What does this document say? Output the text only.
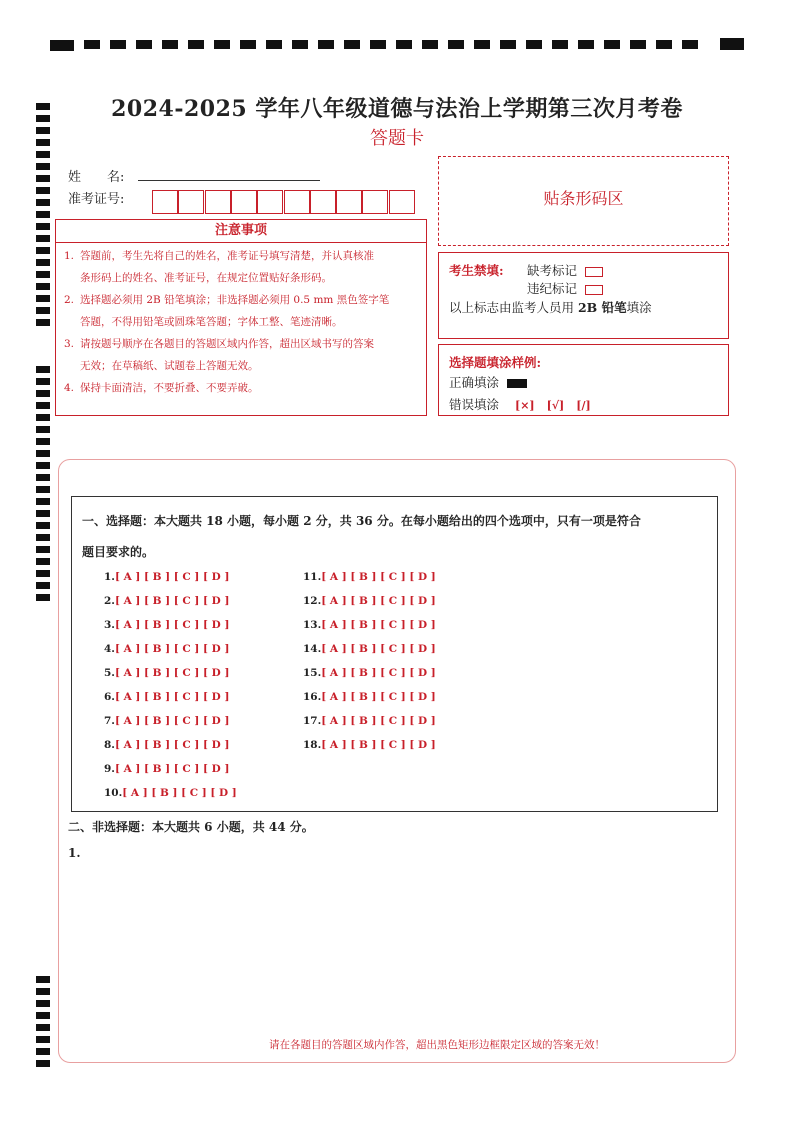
2024-2025 学年八年级道德与法治上学期第三次月考卷
答题卡
姓　　名:
准考证号:	贴条形码区
注意事项
1. 答题前，考生先将自己的姓名，准考证号填写清楚，并认真核准
条形码上的姓名、准考证号，在规定位置贴好条形码。
2. 选择题必须用 2B 铅笔填涂；非选择题必须用 0.5 mm 黑色签字笔
答题，不得用铅笔或圆珠笔答题；字体工整、笔迹清晰。
3. 请按题号顺序在各题目的答题区域内作答，超出区域书写的答案
无效；在草稿纸、试题卷上答题无效。
4. 保持卡面清洁，不要折叠、不要弄破。
考生禁填: 缺考标记
违纪标记
以上标志由监考人员用 2B 铅笔填涂
选择题填涂样例:
正确填涂
错误填涂 [×] [√] [/]
一、选择题：本大题共 18 小题，每小题 2 分，共 36 分。在每小题给出的四个选项中，只有一项是符合
题目要求的。
1.[ A ] [ B ] [ C ] [ D ]
2.[ A ] [ B ] [ C ] [ D ]
3.[ A ] [ B ] [ C ] [ D ]
4.[ A ] [ B ] [ C ] [ D ]
5.[ A ] [ B ] [ C ] [ D ]
6.[ A ] [ B ] [ C ] [ D ]
7.[ A ] [ B ] [ C ] [ D ]
8.[ A ] [ B ] [ C ] [ D ]
9.[ A ] [ B ] [ C ] [ D ]
10.[ A ] [ B ] [ C ] [ D ]
11.[ A ] [ B ] [ C ] [ D ]
12.[ A ] [ B ] [ C ] [ D ]
13.[ A ] [ B ] [ C ] [ D ]
14.[ A ] [ B ] [ C ] [ D ]
15.[ A ] [ B ] [ C ] [ D ]
16.[ A ] [ B ] [ C ] [ D ]
17.[ A ] [ B ] [ C ] [ D ]
18.[ A ] [ B ] [ C ] [ D ]
二、非选择题：本大题共 6 小题，共 44 分。
1.
请在各题目的答题区域内作答，超出黑色矩形边框限定区域的答案无效！
